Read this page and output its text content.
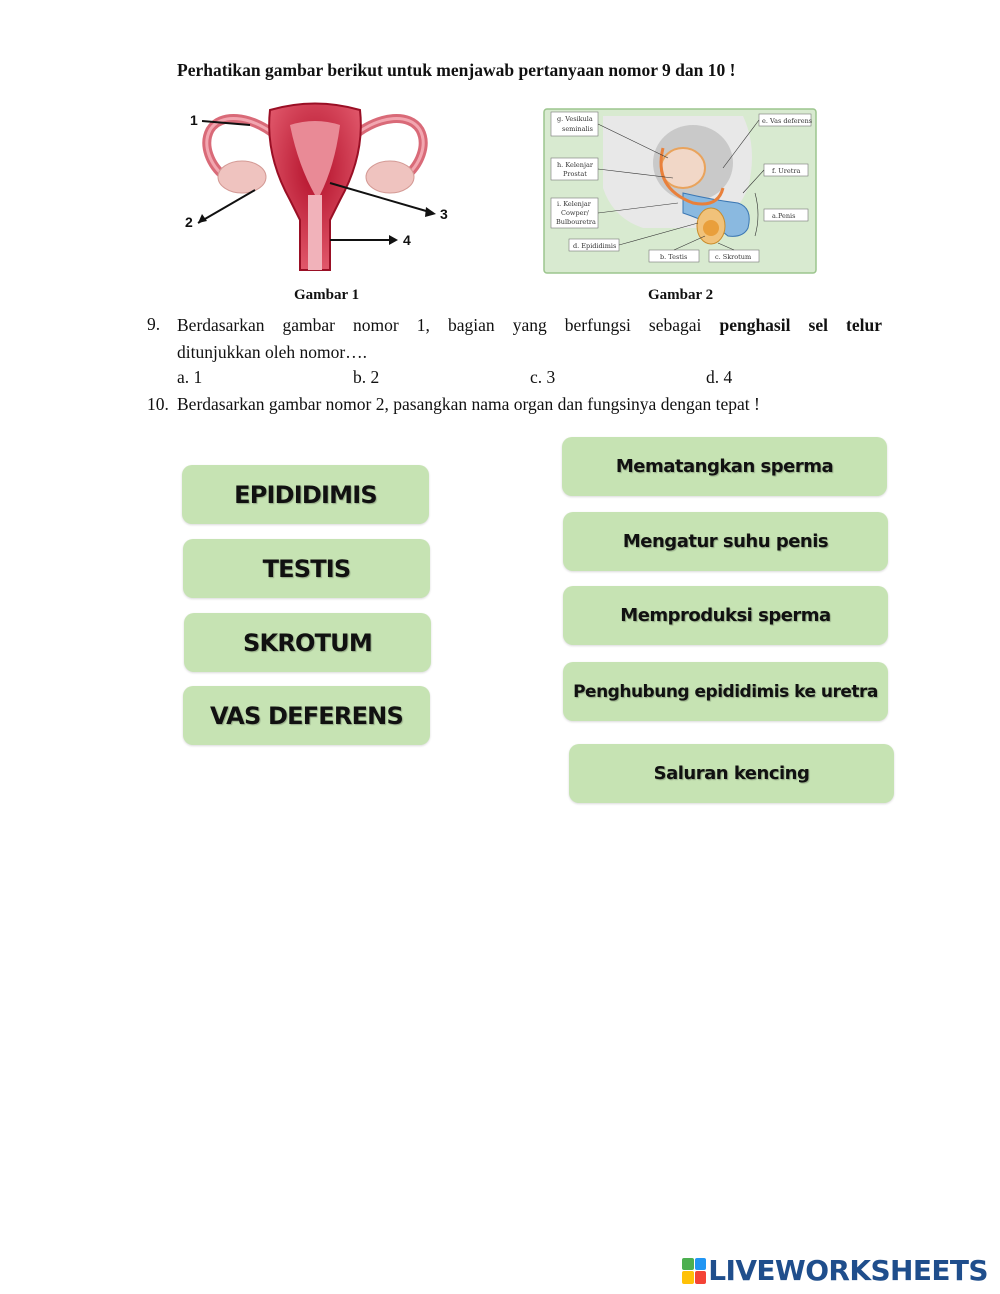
Perhatikan gambar berikut untuk menjawab pertanyaan nomor 9 dan 10 !
1
2	3
4
Gambar 1
g. Vesikula
seminalis
h. Kelenjar
Prostat
i. Kelenjar
Cowper/
Bulbouretra
d. Epididimis
b. Testis	c. Skrotum
e. Vas deferens
f. Uretra
a.Penis
Gambar 2
9. Berdasarkan gambar nomor 1, bagian yang berfungsi sebagai penghasil sel telur
ditunjukkan oleh nomor….
a. 1	b. 2	c. 3	d. 4
10. Berdasarkan gambar nomor 2, pasangkan nama organ dan fungsinya dengan tepat !
EPIDIDIMIS
TESTIS
SKROTUM
VAS DEFERENS
Mematangkan sperma
Mengatur suhu penis
Memproduksi sperma
Penghubung epididimis ke uretra
Saluran kencing
LIVEWORKSHEETS
